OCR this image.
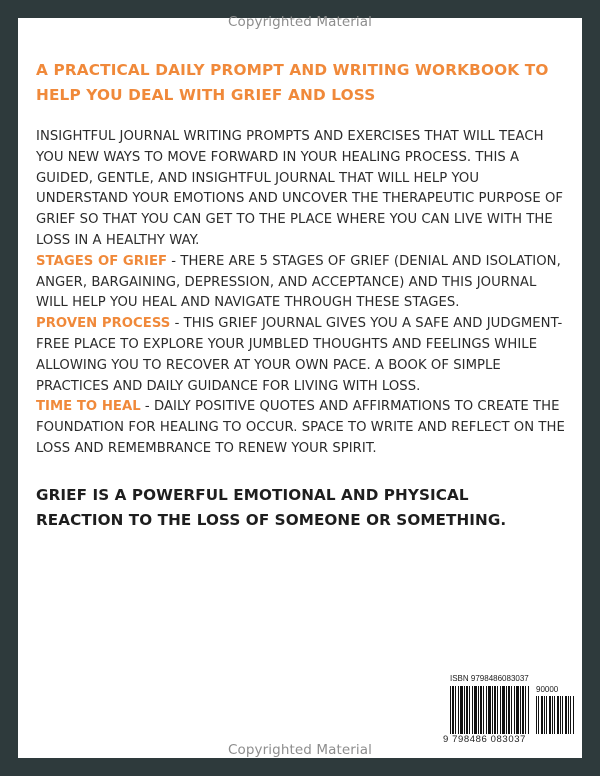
Copyrighted Material
A PRACTICAL DAILY PROMPT AND WRITING WORKBOOK TO HELP YOU DEAL WITH GRIEF AND LOSS

INSIGHTFUL JOURNAL WRITING PROMPTS AND EXERCISES THAT WILL TEACH YOU NEW WAYS TO MOVE FORWARD IN YOUR HEALING PROCESS. THIS A GUIDED, GENTLE, AND INSIGHTFUL JOURNAL THAT WILL HELP YOU UNDERSTAND YOUR EMOTIONS AND UNCOVER THE THERAPEUTIC PURPOSE OF GRIEF SO THAT YOU CAN GET TO THE PLACE WHERE YOU CAN LIVE WITH THE LOSS IN A HEALTHY WAY.

STAGES OF GRIEF - THERE ARE 5 STAGES OF GRIEF (DENIAL AND ISOLATION, ANGER, BARGAINING, DEPRESSION, AND ACCEPTANCE) AND THIS JOURNAL WILL HELP YOU HEAL AND NAVIGATE THROUGH THESE STAGES.

PROVEN PROCESS - THIS GRIEF JOURNAL GIVES YOU A SAFE AND JUDGMENT-FREE PLACE TO EXPLORE YOUR JUMBLED THOUGHTS AND FEELINGS WHILE ALLOWING YOU TO RECOVER AT YOUR OWN PACE. A BOOK OF SIMPLE PRACTICES AND DAILY GUIDANCE FOR LIVING WITH LOSS.

TIME TO HEAL - DAILY POSITIVE QUOTES AND AFFIRMATIONS TO CREATE THE FOUNDATION FOR HEALING TO OCCUR. SPACE TO WRITE AND REFLECT ON THE LOSS AND REMEMBRANCE TO RENEW YOUR SPIRIT.

GRIEF IS A POWERFUL EMOTIONAL AND PHYSICAL REACTION TO THE LOSS OF SOMEONE OR SOMETHING.
ISBN 9798486083037
90000
9 798486 083037
Copyrighted Material
